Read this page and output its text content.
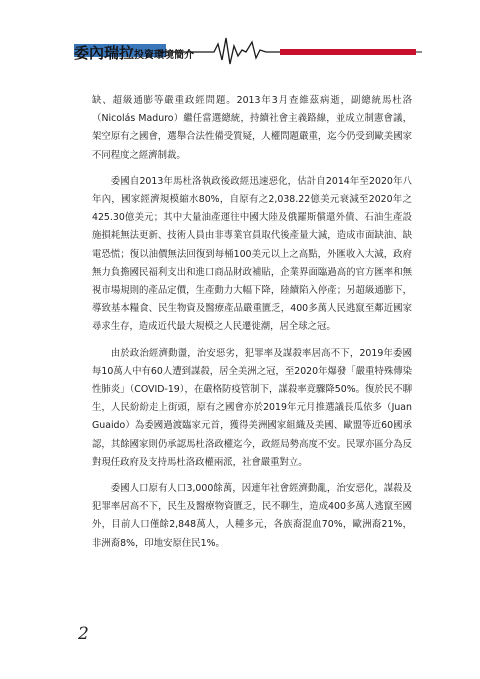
委內瑞拉投資環境簡介

缺、超級通膨等嚴重政經問題。2013年3月查維茲病逝，副總統馬杜洛（Nicolás Maduro）繼任當選總統，持續社會主義路線，並成立制憲會議，架空原有之國會，選舉合法性備受質疑，人權問題嚴重，迄今仍受到歐美國家不同程度之經濟制裁。

委國自2013年馬杜洛執政後政經迅速惡化，估計自2014年至2020年八年內，國家經濟規模縮水80%，自原有之2,038.22億美元衰減至2020年之425.30億美元；其中大量油產運往中國大陸及俄羅斯償還外債、石油生產設施損耗無法更新、技術人員由非專業官員取代後產量大減，造成市面缺油、缺電恐慌；復以油價無法回復到每桶100美元以上之高點，外匯收入大減，政府無力負擔國民福利支出和進口商品財政補貼，企業界面臨過高的官方匯率和無視市場規則的產品定價，生產動力大幅下降，陸續陷入停產；另超級通膨下，導致基本糧食、民生物資及醫療產品嚴重匱乏，400多萬人民逃竄至鄰近國家尋求生存，造成近代最大規模之人民遷徙潮，居全球之冠。

由於政治經濟動盪，治安惡劣，犯罪率及謀殺率居高不下，2019年委國每10萬人中有60人遭到謀殺，居全美洲之冠，至2020年爆發「嚴重特殊傳染性肺炎」（COVID-19），在嚴格防疫管制下，謀殺率竟驟降50%。復於民不聊生，人民紛紛走上街頭，原有之國會亦於2019年元月推選議長瓜依多（Juan Guaido）為委國過渡臨家元首，獲得美洲國家組織及美國、歐盟等近60國承認，其餘國家則仍承認馬杜洛政權迄今，政經局勢高度不安。民眾亦區分為反對現任政府及支持馬杜洛政權兩派，社會嚴重對立。

委國人口原有人口3,000餘萬，因連年社會經濟動亂，治安惡化，謀殺及犯罪率居高不下，民生及醫療物資匱乏，民不聊生，造成400多萬人逃竄至國外，目前人口僅餘2,848萬人，人種多元，各族裔混血70%，歐洲裔21%，非洲裔8%，印地安原住民1%。

2
